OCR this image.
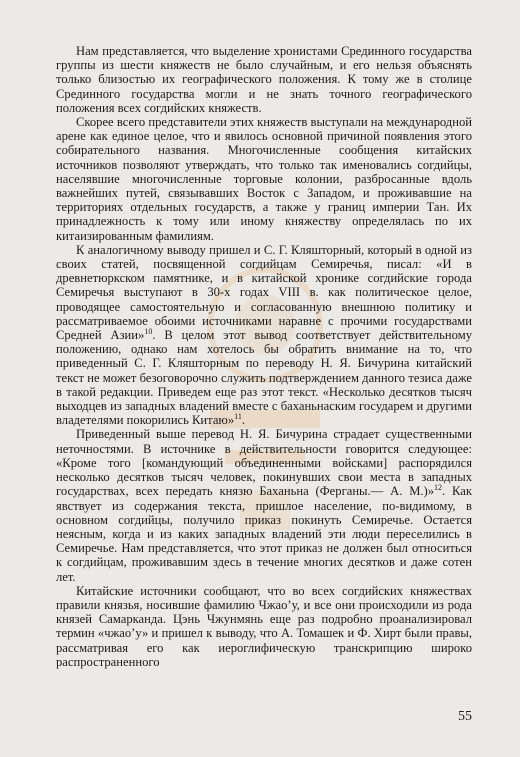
Нам представляется, что выделение хронистами Срединного государства группы из шести княжеств не было случайным, и его нельзя объяснять только близостью их географического положения. К тому же в столице Срединного государства могли и не знать точного географического положения всех согдийских княжеств.

Скорее всего представители этих княжеств выступали на международной арене как единое целое, что и явилось основной причиной появления этого собирательного названия. Многочисленные сообщения китайских источников позволяют утверждать, что только так именовались согдийцы, населявшие многочисленные торговые колонии, разбросанные вдоль важнейших путей, связывавших Восток с Западом, и проживавшие на территориях отдельных государств, а также у границ империи Тан. Их принадлежность к тому или иному княжеству определялась по их китаизированным фамилиям.

К аналогичному выводу пришел и С. Г. Кляшторный, который в одной из своих статей, посвященной согдийцам Семиречья, писал: «И в древнетюркском памятнике, и в китайской хронике согдийские города Семиречья выступают в 30-х годах VIII в. как политическое целое, проводящее самостоятельную и согласованную внешнюю политику и рассматриваемое обоими источниками наравне с прочими государствами Средней Азии»$^{10}$. В целом этот вывод соответствует действительному положению, однако нам хотелось бы обратить внимание на то, что приведенный С. Г. Кляшторным по переводу Н. Я. Бичурина китайский текст не может безоговорочно служить подтверждением данного тезиса даже в такой редакции. Приведем еще раз этот текст. «Несколько десятков тысяч выходцев из западных владений вместе с баханьнаским государем и другими владетелями покорились Китаю»$^{11}$.

Приведенный выше перевод Н. Я. Бичурина страдает существенными неточностями. В источнике в действительности говорится следующее: «Кроме того [командующий объединенными войсками] распорядился несколько десятков тысяч человек, покинувших свои места в западных государствах, всех передать князю Баханьна (Ферганы.— А. М.)»$^{12}$. Как явствует из содержания текста, пришлое население, по-видимому, в основном согдийцы, получило приказ покинуть Семиречье. Остается неясным, когда и из каких западных владений эти люди переселились в Семиречье. Нам представляется, что этот приказ не должен был относиться к согдийцам, проживавшим здесь в течение многих десятков и даже сотен лет.

Китайские источники сообщают, что во всех согдийских княжествах правили князья, носившие фамилию Чжао’у, и все они происходили из рода князей Самарканда. Цэнь Чжунмянь еще раз подробно проанализировал термин «чжао’у» и пришел к выводу, что А. Томашек и Ф. Хирт были правы, рассматривая его как иероглифическую транскрипцию широко распространенного

55
